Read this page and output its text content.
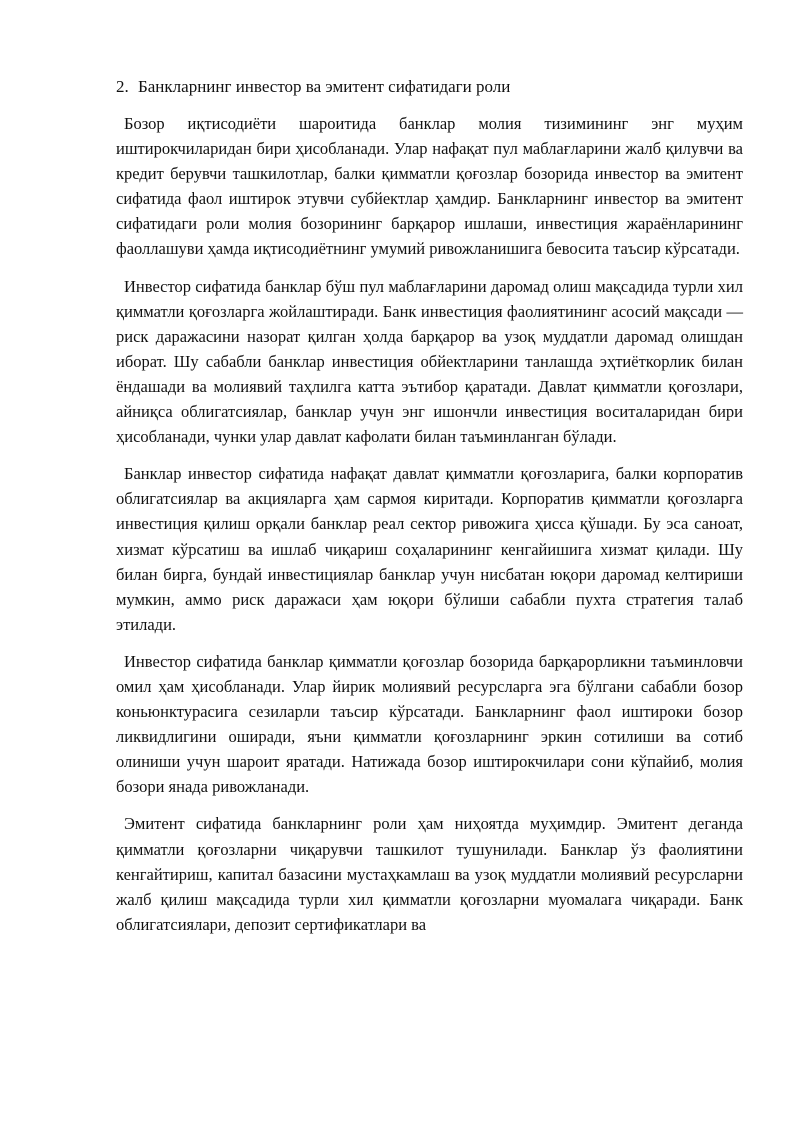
2. Банкларнинг инвестор ва эмитент сифатидаги роли

Бозор иқтисодиёти шароитида банклар молия тизимининг энг муҳим иштирокчиларидан бири ҳисобланади. Улар нафақат пул маблағларини жалб қилувчи ва кредит берувчи ташкилотлар, балки қимматли қоғозлар бозорида инвестор ва эмитент сифатида фаол иштирок этувчи субйектлар ҳамдир. Банкларнинг инвестор ва эмитент сифатидаги роли молия бозорининг барқарор ишлаши, инвестиция жараёнларининг фаоллашуви ҳамда иқтисодиётнинг умумий ривожланишига бевосита таъсир кўрсатади.

Инвестор сифатида банклар бўш пул маблағларини даромад олиш мақсадида турли хил қимматли қоғозларга жойлаштиради. Банк инвестиция фаолиятининг асосий мақсади — риск даражасини назорат қилган ҳолда барқарор ва узоқ муддатли даромад олишдан иборат. Шу сабабли банклар инвестиция обйектларини танлашда эҳтиёткорлик билан ёндашади ва молиявий таҳлилга катта эътибор қаратади. Давлат қимматли қоғозлари, айниқса облигатсиялар, банклар учун энг ишончли инвестиция воситаларидан бири ҳисобланади, чунки улар давлат кафолати билан таъминланган бўлади.

Банклар инвестор сифатида нафақат давлат қимматли қоғозларига, балки корпоратив облигатсиялар ва акцияларга ҳам сармоя киритади. Корпоратив қимматли қоғозларга инвестиция қилиш орқали банклар реал сектор ривожига ҳисса қўшади. Бу эса саноат, хизмат кўрсатиш ва ишлаб чиқариш соҳаларининг кенгайишига хизмат қилади. Шу билан бирга, бундай инвестициялар банклар учун нисбатан юқори даромад келтириши мумкин, аммо риск даражаси ҳам юқори бўлиши сабабли пухта стратегия талаб этилади.

Инвестор сифатида банклар қимматли қоғозлар бозорида барқарорликни таъминловчи омил ҳам ҳисобланади. Улар йирик молиявий ресурсларга эга бўлгани сабабли бозор коньюнктурасига сезиларли таъсир кўрсатади. Банкларнинг фаол иштироки бозор ликвидлигини оширади, яъни қимматли қоғозларнинг эркин сотилиши ва сотиб олиниши учун шароит яратади. Натижада бозор иштирокчилари сони кўпайиб, молия бозори янада ривожланади.

Эмитент сифатида банкларнинг роли ҳам ниҳоятда муҳимдир. Эмитент деганда қимматли қоғозларни чиқарувчи ташкилот тушунилади. Банклар ўз фаолиятини кенгайтириш, капитал базасини мустаҳкамлаш ва узоқ муддатли молиявий ресурсларни жалб қилиш мақсадида турли хил қимматли қоғозларни муомалага чиқаради. Банк облигатсиялари, депозит сертификатлари ва
